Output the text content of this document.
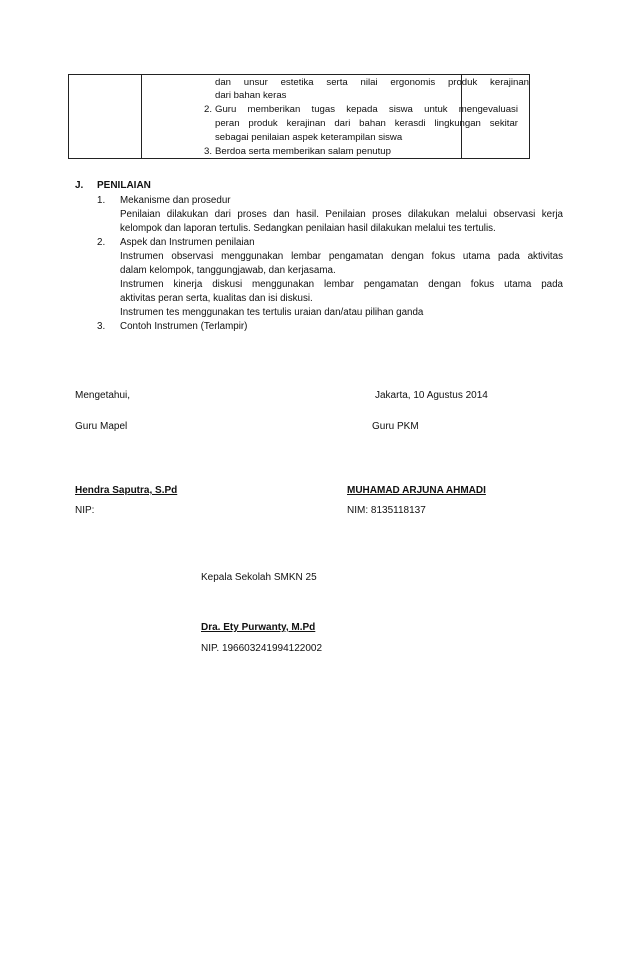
dan unsur estetika serta nilai ergonomis produk kerajinan
dari bahan keras
2. Guru memberikan tugas kepada siswa untuk mengevaluasi
peran produk kerajinan dari bahan kerasdi lingkungan sekitar
sebagai penilaian aspek keterampilan siswa
3. Berdoa serta memberikan salam penutup
J. PENILAIAN
1. Mekanisme dan prosedur
Penilaian dilakukan dari proses dan hasil. Penilaian proses dilakukan melalui observasi kerja
kelompok dan laporan tertulis. Sedangkan penilaian hasil dilakukan melalui tes tertulis.
2. Aspek dan Instrumen penilaian
Instrumen observasi menggunakan lembar pengamatan dengan fokus utama pada aktivitas
dalam kelompok, tanggungjawab, dan kerjasama.
Instrumen kinerja diskusi menggunakan lembar pengamatan dengan fokus utama pada
aktivitas peran serta, kualitas dan isi diskusi.
Instrumen tes menggunakan tes tertulis uraian dan/atau pilihan ganda
3. Contoh Instrumen (Terlampir)
Mengetahui,	Jakarta, 10 Agustus 2014
Guru Mapel	Guru PKM
Hendra Saputra, S.Pd	MUHAMAD ARJUNA AHMADI
NIP:	NIM: 8135118137
Kepala Sekolah SMKN 25
Dra. Ety Purwanty, M.Pd
NIP. 196603241994122002
